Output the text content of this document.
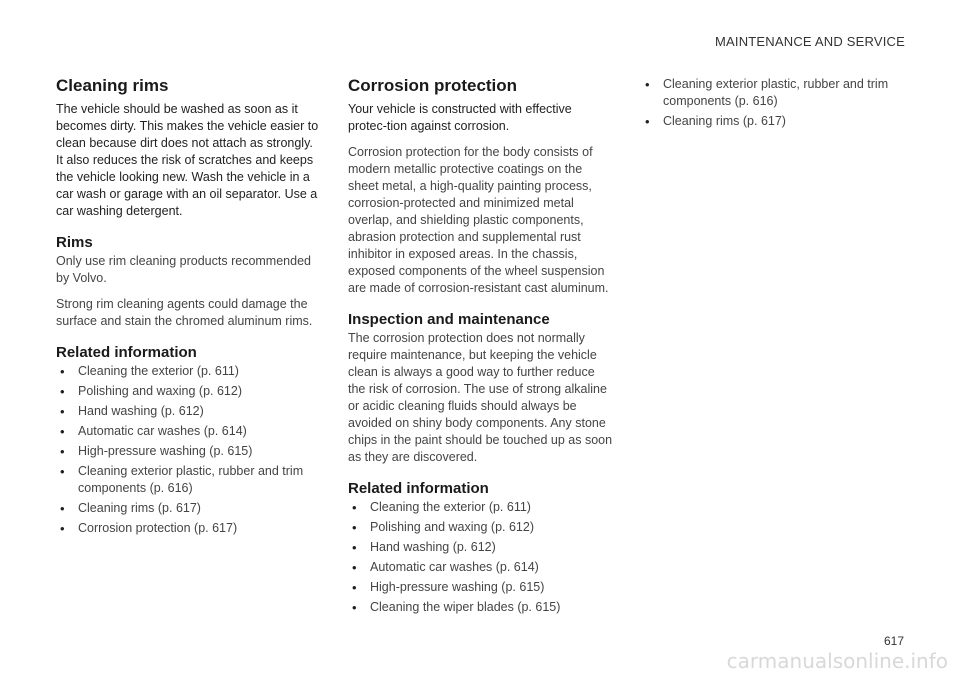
MAINTENANCE AND SERVICE
Cleaning rims

The vehicle should be washed as soon as it becomes dirty. This makes the vehicle easier to clean because dirt does not attach as strongly. It also reduces the risk of scratches and keeps the vehicle looking new. Wash the vehicle in a car wash or garage with an oil separator. Use a car washing detergent.

Rims

Only use rim cleaning products recommended by Volvo.

Strong rim cleaning agents could damage the surface and stain the chromed aluminum rims.

Related information
• Cleaning the exterior (p. 611)
• Polishing and waxing (p. 612)
• Hand washing (p. 612)
• Automatic car washes (p. 614)
• High-pressure washing (p. 615)
• Cleaning exterior plastic, rubber and trim components (p. 616)
• Cleaning rims (p. 617)
• Corrosion protection (p. 617)
Corrosion protection

Your vehicle is constructed with effective protec-tion against corrosion.

Corrosion protection for the body consists of modern metallic protective coatings on the sheet metal, a high-quality painting process, corrosion-protected and minimized metal overlap, and shielding plastic components, abrasion protection and supplemental rust inhibitor in exposed areas. In the chassis, exposed components of the wheel suspension are made of corrosion-resistant cast aluminum.

Inspection and maintenance

The corrosion protection does not normally require maintenance, but keeping the vehicle clean is always a good way to further reduce the risk of corrosion. The use of strong alkaline or acidic cleaning fluids should always be avoided on shiny body components. Any stone chips in the paint should be touched up as soon as they are discovered.

Related information
• Cleaning the exterior (p. 611)
• Polishing and waxing (p. 612)
• Hand washing (p. 612)
• Automatic car washes (p. 614)
• High-pressure washing (p. 615)
• Cleaning the wiper blades (p. 615)
• Cleaning exterior plastic, rubber and trim components (p. 616)
• Cleaning rims (p. 617)
617
carmanualsonline.info
